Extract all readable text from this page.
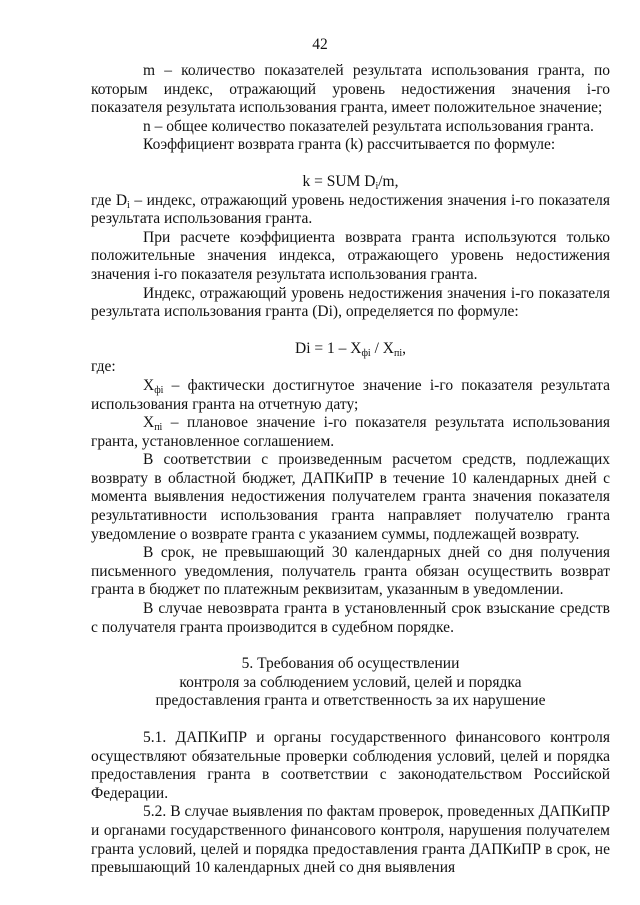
42

m – количество показателей результата использования гранта, по которым индекс, отражающий уровень недостижения значения i-го показателя результата использования гранта, имеет положительное значение;

n – общее количество показателей результата использования гранта.

Коэффициент возврата гранта (k) рассчитывается по формуле:

k = SUM $D_i/m$,

где $D_i$ – индекс, отражающий уровень недостижения значения i-го показателя результата использования гранта.

При расчете коэффициента возврата гранта используются только положительные значения индекса, отражающего уровень недостижения значения i-го показателя результата использования гранта.

Индекс, отражающий уровень недостижения значения i-го показателя результата использования гранта (Di), определяется по формуле:

$Di = 1 - X_{фi} / X_{пi}$,

где:

$X_{фi}$ – фактически достигнутое значение i-го показателя результата использования гранта на отчетную дату;

$X_{пi}$ – плановое значение i-го показателя результата использования гранта, установленное соглашением.

В соответствии с произведенным расчетом средств, подлежащих возврату в областной бюджет, ДАПКиПР в течение 10 календарных дней с момента выявления недостижения получателем гранта значения показателя результативности использования гранта направляет получателю гранта уведомление о возврате гранта с указанием суммы, подлежащей возврату.

В срок, не превышающий 30 календарных дней со дня получения письменного уведомления, получатель гранта обязан осуществить возврат гранта в бюджет по платежным реквизитам, указанным в уведомлении.

В случае невозврата гранта в установленный срок взыскание средств с получателя гранта производится в судебном порядке.

5. Требования об осуществлении

контроля за соблюдением условий, целей и порядка

предоставления гранта и ответственность за их нарушение

5.1. ДАПКиПР и органы государственного финансового контроля осуществляют обязательные проверки соблюдения условий, целей и порядка предоставления гранта в соответствии с законодательством Российской Федерации.

5.2. В случае выявления по фактам проверок, проведенных ДАПКиПР и органами государственного финансового контроля, нарушения получателем гранта условий, целей и порядка предоставления гранта ДАПКиПР в срок, не превышающий 10 календарных дней со дня выявления
